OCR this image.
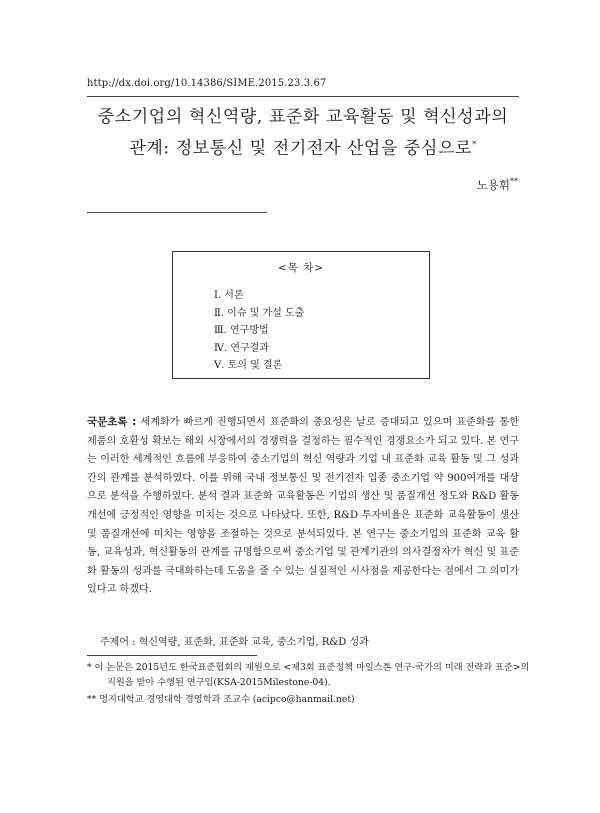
http://dx.doi.org/10.14386/SIME.2015.23.3.67
중소기업의 혁신역량, 표준화 교육활동 및 혁신성과의
관계: 정보통신 및 전기전자 산업을 중심으로*
노용휘**
<목 차>
Ⅰ. 서론
Ⅱ. 이슈 및 가설 도출
Ⅲ. 연구방법
Ⅳ. 연구결과
Ⅴ. 토의 및 결론
국문초록 : 세계화가 빠르게 진행되면서 표준화의 중요성은 날로 증대되고 있으며 표준화를 통한 제품의 호환성 확보는 해외 시장에서의 경쟁력을 결정하는 필수적인 경쟁요소가 되고 있다. 본 연구는 이러한 세계적인 흐름에 부응하여 중소기업의 혁신 역량과 기업 내 표준화 교육 활동 및 그 성과 간의 관계를 분석하였다. 이를 위해 국내 정보통신 및 전기전자 업종 중소기업 약 900여개를 대상으로 분석을 수행하였다. 분석 결과 표준화 교육활동은 기업의 생산 및 품질개선 정도와 R&D 활동개선에 긍정적인 영향을 미치는 것으로 나타났다. 또한, R&D 투자비율은 표준화 교육활동이 생산 및 품질개선에 미치는 영향을 조절하는 것으로 분석되었다. 본 연구는 중소기업의 표준화 교육 활동, 교육성과, 혁신활동의 관계를 규명함으로써 중소기업 및 관계기관의 의사결정자가 혁신 및 표준화 활동의 성과를 극대화하는데 도움을 줄 수 있는 실질적인 시사점을 제공한다는 점에서 그 의미가 있다고 하겠다.
주제어 : 혁신역량, 표준화, 표준화 교육, 중소기업, R&D 성과
* 이 논문은 2015년도 한국표준협회의 재원으로 <제3회 표준정책 마일스톤 연구-국가의 미래 전략과 표준>의 지원을 받아 수행된 연구임(KSA-2015Milestone-04).
** 명지대학교 경영대학 경영학과 조교수 (acipco@hanmail.net)
